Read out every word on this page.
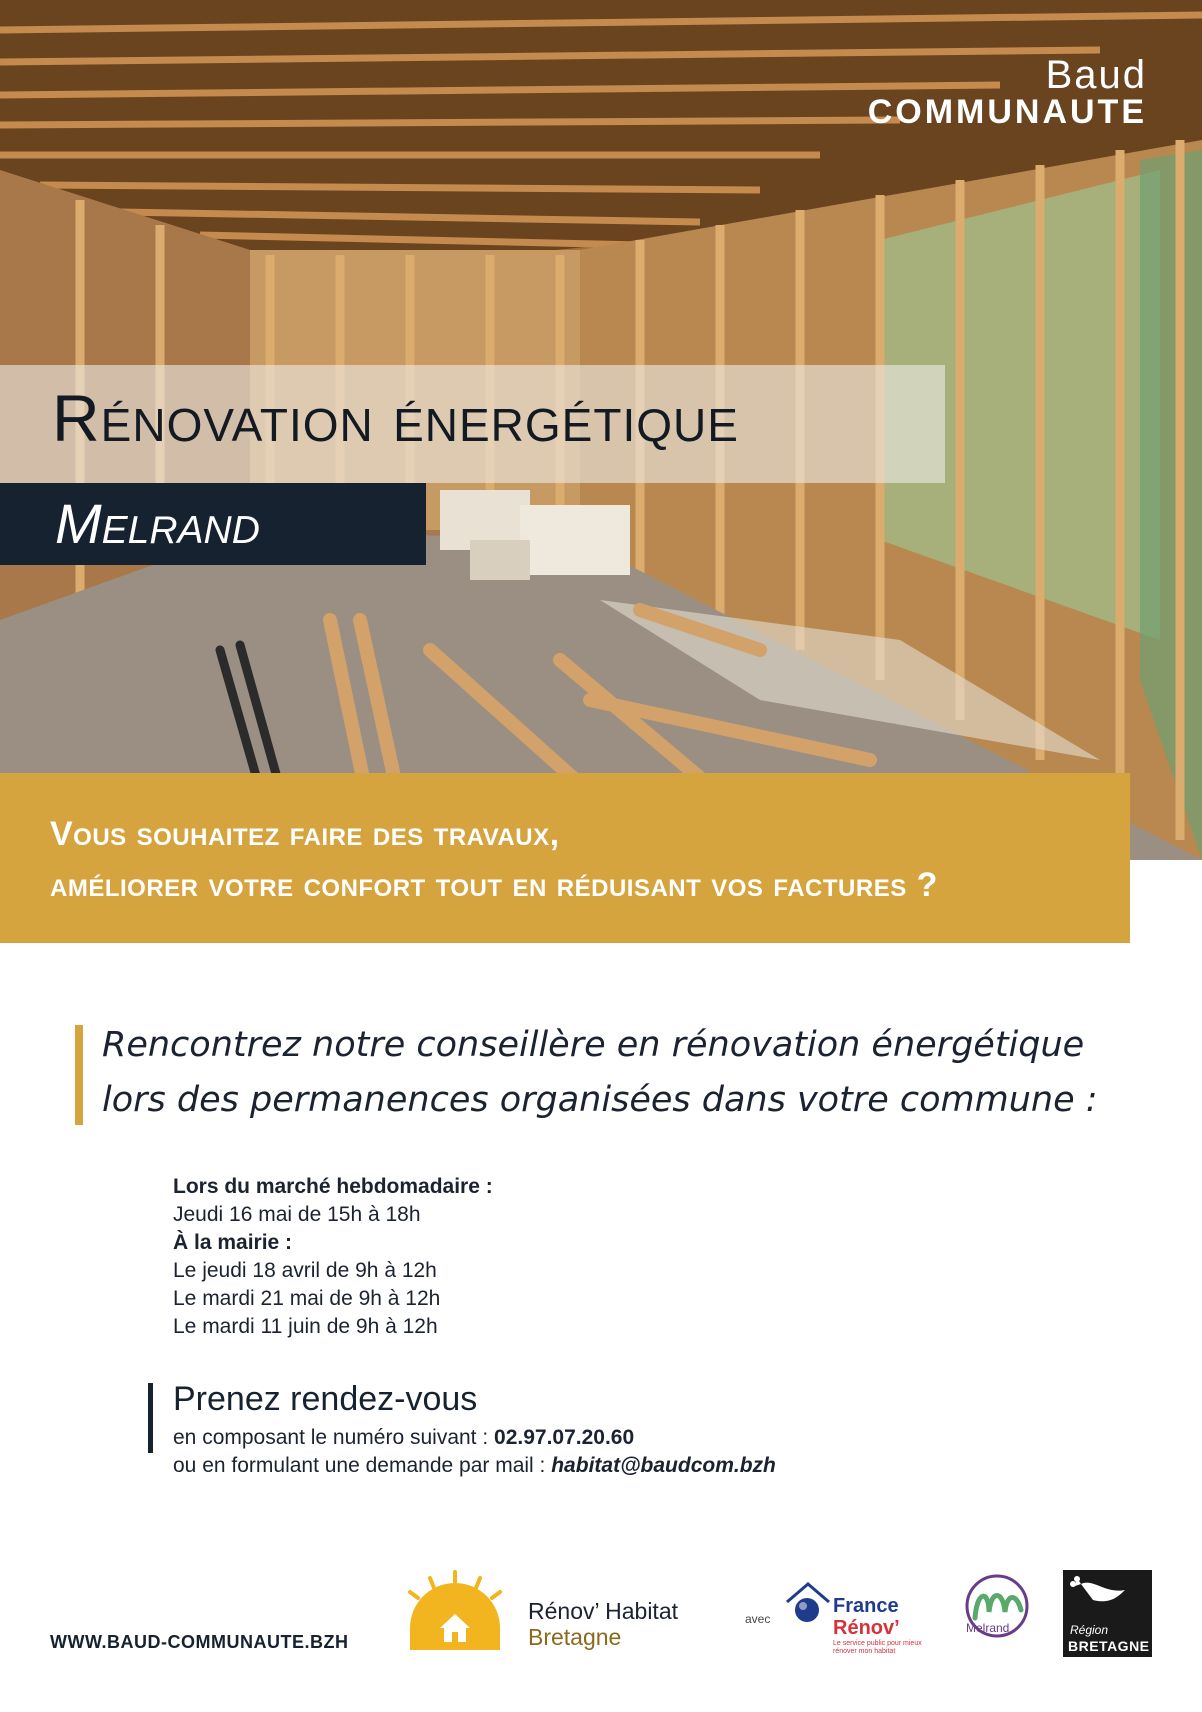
Baud
COMMUNAUTE
Rénovation énergétique
Melrand
Vous souhaitez faire des travaux,
améliorer votre confort tout en réduisant vos factures ?
Rencontrez notre conseillère en rénovation énergétique lors des permanences organisées dans votre commune :
Lors du marché hebdomadaire :
Jeudi 16 mai de 15h à 18h
À la mairie :
Le jeudi 18 avril de 9h à 12h
Le mardi 21 mai de 9h à 12h
Le mardi 11 juin de 9h à 12h
Prenez rendez-vous
en composant le numéro suivant : 02.97.07.20.60
ou en formulant une demande par mail : habitat@baudcom.bzh
WWW.BAUD-COMMUNAUTE.BZH
Rénov’ Habitat
Bretagne
avec
France
Rénov’
Le service public pour mieux rénover mon habitat
Melrand	Région
BRETAGNE
